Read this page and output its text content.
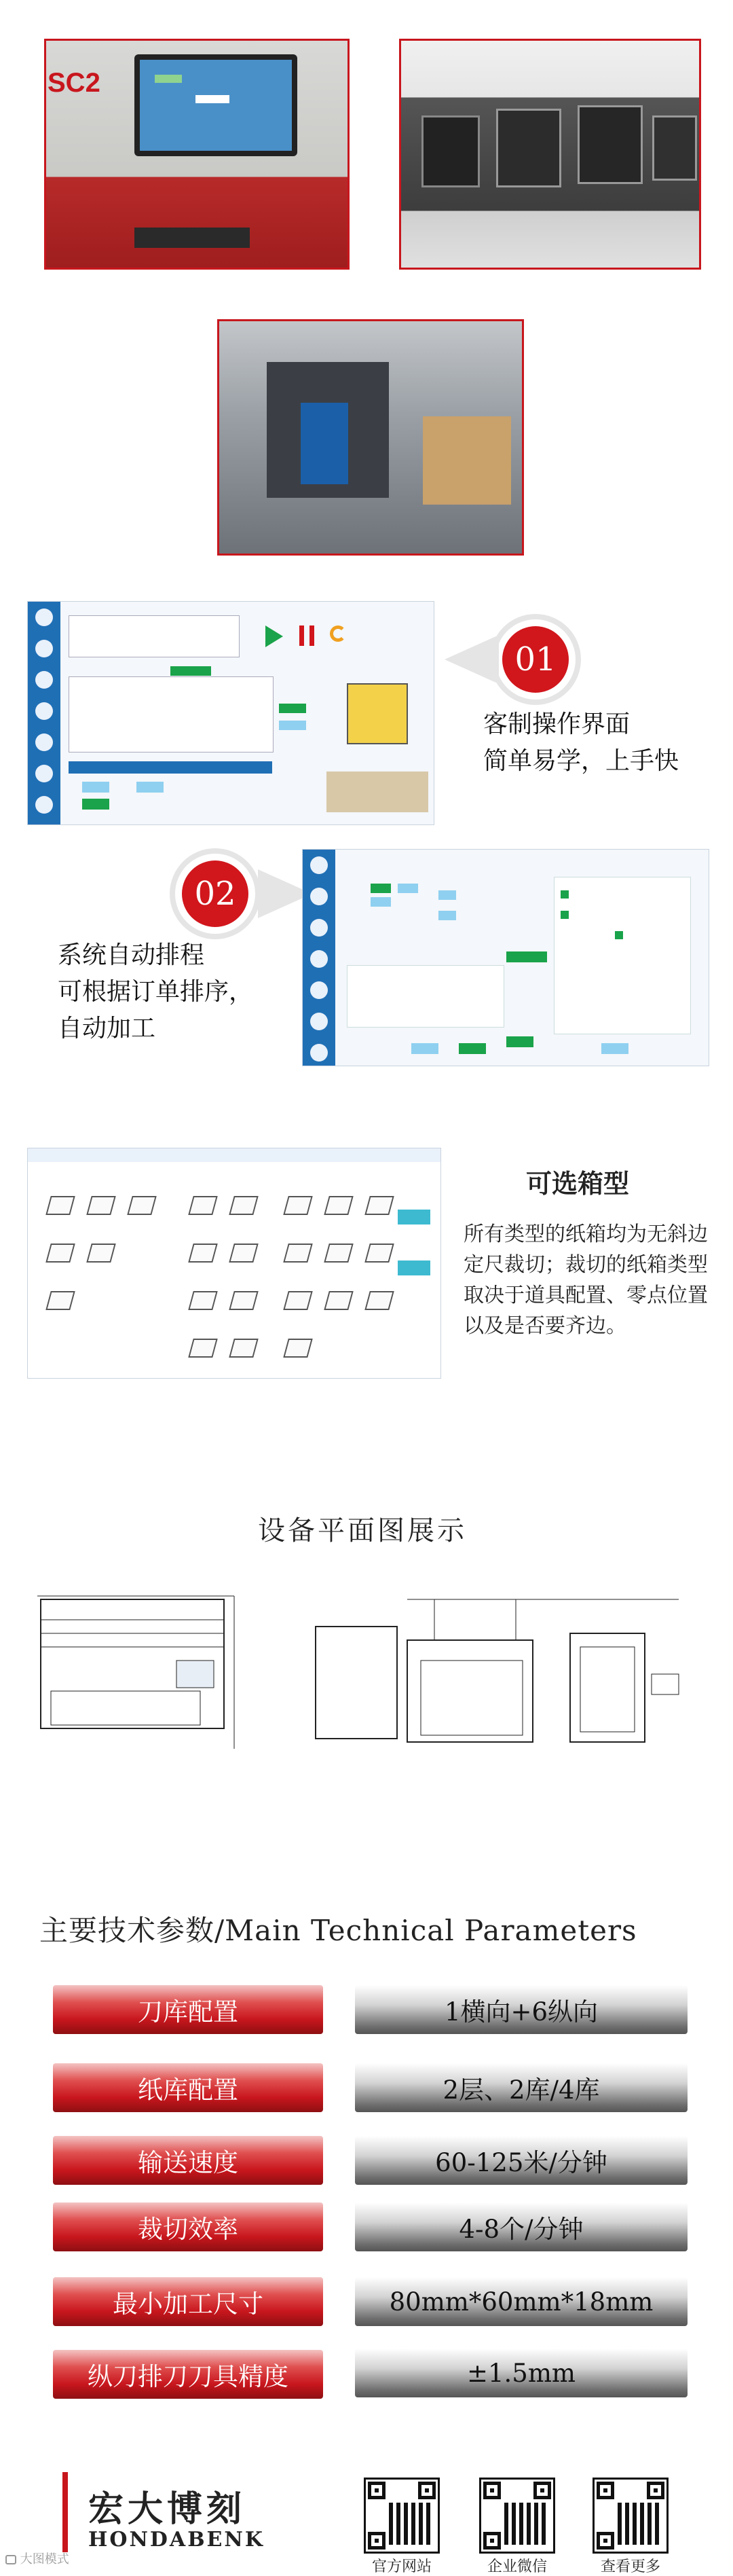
SC2
01
客制操作界面
简单易学，上手快
02
系统自动排程
可根据订单排序，
自动加工
可选箱型
所有类型的纸箱均为无斜边定尺裁切；裁切的纸箱类型取决于道具配置、零点位置以及是否要齐边。
设备平面图展示
主要技术参数/Main Technical Parameters
刀库配置	1横向+6纵向
纸库配置	2层、2库/4库
输送速度	60-125米/分钟
裁切效率	4-8个/分钟
最小加工尺寸	80mm*60mm*18mm
纵刀排刀刀具精度	±1.5mm
宏大博刻
HONDABENK
官方网站	企业微信	查看更多
大图模式
